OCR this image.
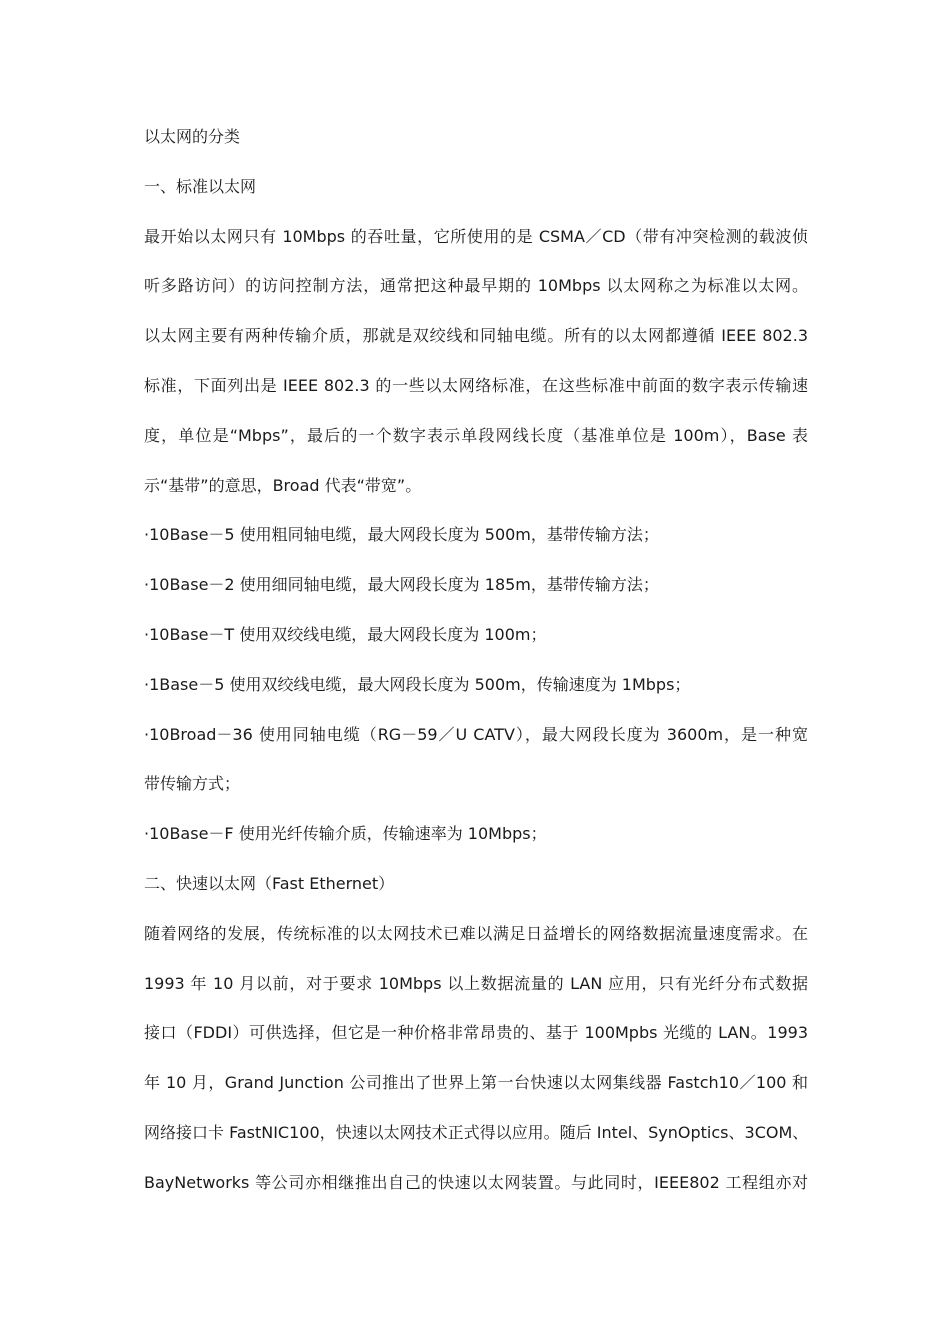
以太网的分类
一、标准以太网
最开始以太网只有 10Mbps 的吞吐量，它所使用的是 CSMA／CD（带有冲突检测的载波侦
听多路访问）的访问控制方法，通常把这种最早期的 10Mbps 以太网称之为标准以太网。
以太网主要有两种传输介质，那就是双绞线和同轴电缆。所有的以太网都遵循 IEEE 802.3
标准，下面列出是 IEEE 802.3 的一些以太网络标准，在这些标准中前面的数字表示传输速
度，单位是“Mbps”，最后的一个数字表示单段网线长度（基准单位是 100m），Base 表
示“基带”的意思，Broad 代表“带宽”。
·10Base－5 使用粗同轴电缆，最大网段长度为 500m，基带传输方法；
·10Base－2 使用细同轴电缆，最大网段长度为 185m，基带传输方法；
·10Base－T 使用双绞线电缆，最大网段长度为 100m；
·1Base－5 使用双绞线电缆，最大网段长度为 500m，传输速度为 1Mbps；
·10Broad－36 使用同轴电缆（RG－59／U CATV），最大网段长度为 3600m，是一种宽
带传输方式；
·10Base－F 使用光纤传输介质，传输速率为 10Mbps；
二、快速以太网（Fast Ethernet）
随着网络的发展，传统标准的以太网技术已难以满足日益增长的网络数据流量速度需求。在
1993 年 10 月以前，对于要求 10Mbps 以上数据流量的 LAN 应用，只有光纤分布式数据
接口（FDDI）可供选择，但它是一种价格非常昂贵的、基于 100Mpbs 光缆的 LAN。1993
年 10 月，Grand Junction 公司推出了世界上第一台快速以太网集线器 Fastch10／100 和
网络接口卡 FastNIC100，快速以太网技术正式得以应用。随后 Intel、SynOptics、3COM、
BayNetworks 等公司亦相继推出自己的快速以太网装置。与此同时，IEEE802 工程组亦对
